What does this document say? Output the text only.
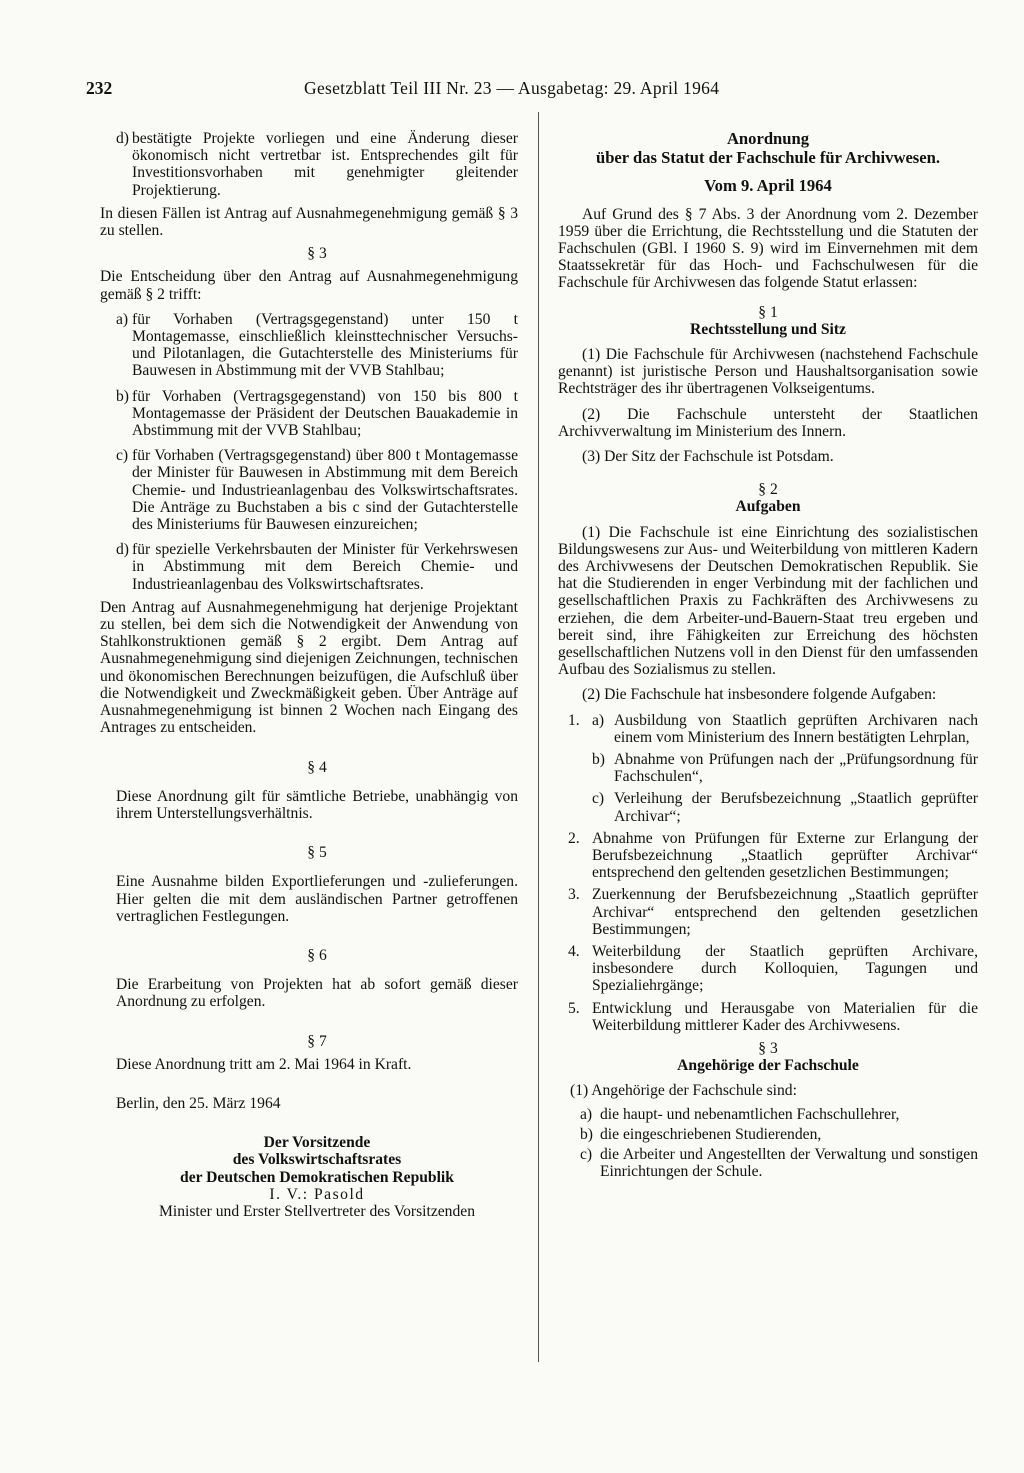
232	Gesetzblatt Teil III Nr. 23 — Ausgabetag: 29. April 1964
d) bestätigte Projekte vorliegen und eine Änderung dieser ökonomisch nicht vertretbar ist. Entsprechendes gilt für Investitionsvorhaben mit genehmigter gleitender Projektierung.

In diesen Fällen ist Antrag auf Ausnahmegenehmigung gemäß § 3 zu stellen.

§ 3

Die Entscheidung über den Antrag auf Ausnahmegenehmigung gemäß § 2 trifft:

a) für Vorhaben (Vertragsgegenstand) unter 150 t Montagemasse, einschließlich kleinsttechnischer Versuchs- und Pilotanlagen, die Gutachterstelle des Ministeriums für Bauwesen in Abstimmung mit der VVB Stahlbau;
b) für Vorhaben (Vertragsgegenstand) von 150 bis 800 t Montagemasse der Präsident der Deutschen Bauakademie in Abstimmung mit der VVB Stahlbau;
c) für Vorhaben (Vertragsgegenstand) über 800 t Montagemasse der Minister für Bauwesen in Abstimmung mit dem Bereich Chemie- und Industrieanlagenbau des Volkswirtschaftsrates. Die Anträge zu Buchstaben a bis c sind der Gutachterstelle des Ministeriums für Bauwesen einzureichen;
d) für spezielle Verkehrsbauten der Minister für Verkehrswesen in Abstimmung mit dem Bereich Chemie- und Industrieanlagenbau des Volkswirtschaftsrates.

Den Antrag auf Ausnahmegenehmigung hat derjenige Projektant zu stellen, bei dem sich die Notwendigkeit der Anwendung von Stahlkonstruktionen gemäß § 2 ergibt. Dem Antrag auf Ausnahmegenehmigung sind diejenigen Zeichnungen, technischen und ökonomischen Berechnungen beizufügen, die Aufschluß über die Notwendigkeit und Zweckmäßigkeit geben. Über Anträge auf Ausnahmegenehmigung ist binnen 2 Wochen nach Eingang des Antrages zu entscheiden.

§ 4

Diese Anordnung gilt für sämtliche Betriebe, unabhängig von ihrem Unterstellungsverhältnis.

§ 5

Eine Ausnahme bilden Exportlieferungen und -zulieferungen. Hier gelten die mit dem ausländischen Partner getroffenen vertraglichen Festlegungen.

§ 6

Die Erarbeitung von Projekten hat ab sofort gemäß dieser Anordnung zu erfolgen.

§ 7

Diese Anordnung tritt am 2. Mai 1964 in Kraft.

Berlin, den 25. März 1964

Der Vorsitzende

des Volkswirtschaftsrates

der Deutschen Demokratischen Republik

I. V.: Pasold

Minister und Erster Stellvertreter des Vorsitzenden

Anordnung

über das Statut der Fachschule für Archivwesen.

Vom 9. April 1964

Auf Grund des § 7 Abs. 3 der Anordnung vom 2. Dezember 1959 über die Errichtung, die Rechtsstellung und die Statuten der Fachschulen (GBl. I 1960 S. 9) wird im Einvernehmen mit dem Staatssekretär für das Hoch- und Fachschulwesen für die Fachschule für Archivwesen das folgende Statut erlassen:

§ 1

Rechtsstellung und Sitz

(1) Die Fachschule für Archivwesen (nachstehend Fachschule genannt) ist juristische Person und Haushaltsorganisation sowie Rechtsträger des ihr übertragenen Volkseigentums.

(2) Die Fachschule untersteht der Staatlichen Archivverwaltung im Ministerium des Innern.

(3) Der Sitz der Fachschule ist Potsdam.

§ 2

Aufgaben

(1) Die Fachschule ist eine Einrichtung des sozialistischen Bildungswesens zur Aus- und Weiterbildung von mittleren Kadern des Archivwesens der Deutschen Demokratischen Republik. Sie hat die Studierenden in enger Verbindung mit der fachlichen und gesellschaftlichen Praxis zu Fachkräften des Archivwesens zu erziehen, die dem Arbeiter-und-Bauern-Staat treu ergeben und bereit sind, ihre Fähigkeiten zur Erreichung des höchsten gesellschaftlichen Nutzens voll in den Dienst für den umfassenden Aufbau des Sozialismus zu stellen.

(2) Die Fachschule hat insbesondere folgende Aufgaben:

1. a) Ausbildung von Staatlich geprüften Archivaren nach einem vom Ministerium des Innern bestätigten Lehrplan,
b) Abnahme von Prüfungen nach der „Prüfungsordnung für Fachschulen“,
c) Verleihung der Berufsbezeichnung „Staatlich geprüfter Archivar“;
2. Abnahme von Prüfungen für Externe zur Erlangung der Berufsbezeichnung „Staatlich geprüfter Archivar“ entsprechend den geltenden gesetzlichen Bestimmungen;
3. Zuerkennung der Berufsbezeichnung „Staatlich geprüfter Archivar“ entsprechend den geltenden gesetzlichen Bestimmungen;
4. Weiterbildung der Staatlich geprüften Archivare, insbesondere durch Kolloquien, Tagungen und Spezialiehrgänge;
5. Entwicklung und Herausgabe von Materialien für die Weiterbildung mittlerer Kader des Archivwesens.

§ 3

Angehörige der Fachschule

(1) Angehörige der Fachschule sind:

a) die haupt- und nebenamtlichen Fachschullehrer,
b) die eingeschriebenen Studierenden,
c) die Arbeiter und Angestellten der Verwaltung und sonstigen Einrichtungen der Schule.
